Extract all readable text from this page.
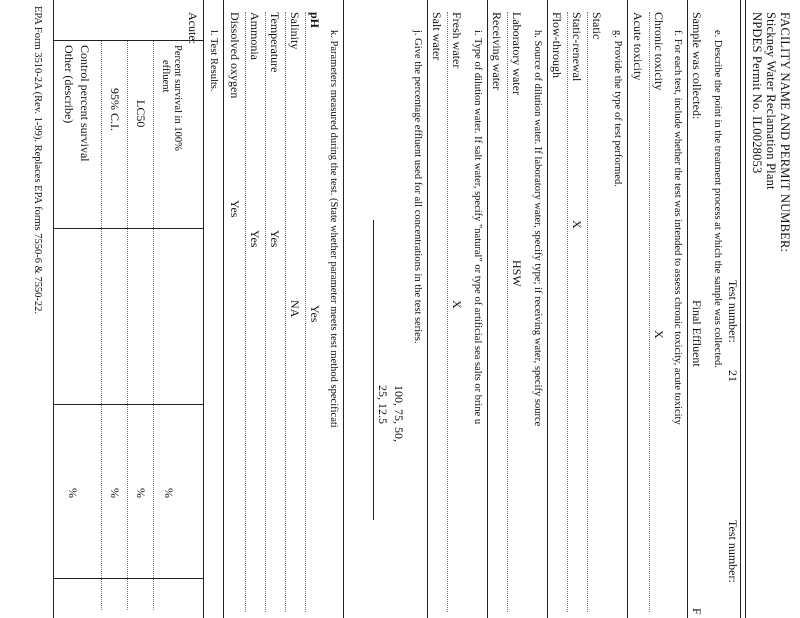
FACILITY NAME AND PERMIT NUMBER:
Stickney Water Reclamation Plant
NPDES Permit No. IL0028053
Test number:
21
Test number:
e. Describe the point in the treatment process at which the sample was collected.
Sample was collected:
Final Effluent
F
f. For each test, include whether the test was intended to assess chronic toxicity, acute toxicity
Chronic toxicity
X
Acute toxicity
g. Provide the type of test performed.
Static
Static-renewal
X
Flow-through
h. Source of dilution water. If laboratory water, specify type; if receiving water, specify source
Laboratory water
HSW
Receiving water
i. Type of dilution water. If salt water, specify "natural" or type of artificial sea salts or brine u
Fresh water
X
Salt water
j. Give the percentage effluent used for all concentrations in the test series.
100, 75, 50,
25, 12.5
k. Parameters measured during the test. (State whether parameter meets test method specificati
pH
Yes
Salinity
NA
Temperature
Yes
Ammonia
Yes
Dissolved oxygen
Yes
l. Test Results.
Acute:
Percent survival in 100%
effluent
%
LC50
%
95% C.I.
%
Control percent survival
%
Other (describe)
EPA Form 3510-2A (Rev. 1-99). Replaces EPA forms 7550-6 & 7550-22.
